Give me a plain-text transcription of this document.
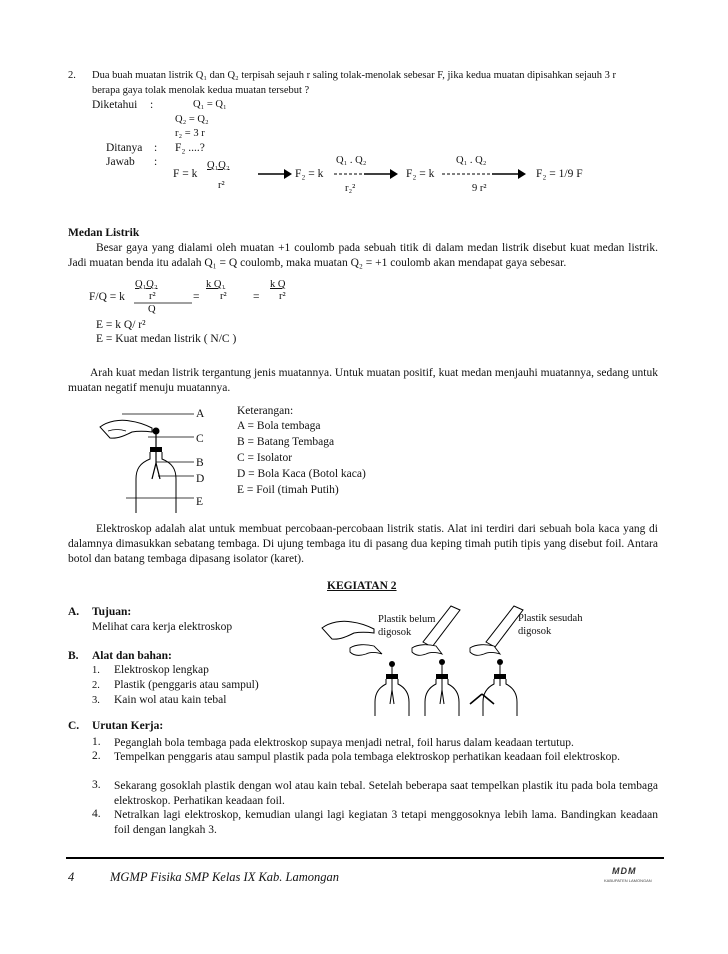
2. Dua buah muatan listrik Q₁ dan Q₂ terpisah sejauh r saling tolak-menolak sebesar F, jika kedua muatan dipisahkan sejauh 3 r
berapa gaya tolak menolak kedua muatan tersebut ?
Diketahui :	Q₁ = Q₁
Q₂ = Q₂
r₂ = 3 r
Ditanya : F₂ ....?
Jawab :	Q₁Q₂
F = k
r²
Q₁ . Q₂
F₂ = k
r₂²
Q₁ . Q₂
F₂ = k
9 r²
F₂ = 1/9 F
Medan Listrik
Besar gaya yang dialami oleh muatan +1 coulomb pada sebuah titik di dalam medan listrik disebut kuat medan listrik. Jadi muatan benda itu adalah Q₁ = Q coulomb, maka muatan Q₂ = +1 coulomb akan mendapat gaya sebesar.
Q₁Q₂
F/Q = k r²
Q
=
k Q₁
r² =
k Q
r²
E = k Q/ r²
E = Kuat medan listrik ( N/C )
Arah kuat medan listrik tergantung jenis muatannya. Untuk muatan positif, kuat medan menjauhi muatannya, sedang untuk muatan negatif menuju muatannya.
A
C
B
D
E
Keterangan:
A = Bola tembaga
B = Batang Tembaga
C = Isolator
D = Bola Kaca (Botol kaca)
E = Foil (timah Putih)
Elektroskop adalah alat untuk membuat percobaan-percobaan listrik statis. Alat ini terdiri dari sebuah bola kaca yang di dalamnya dimasukkan sebatang tembaga. Di ujung tembaga itu di pasang dua keping timah putih tipis yang disebut foil. Antara botol dan batang tembaga dipasang isolator (karet).
KEGIATAN 2
A. Tujuan:
Melihat cara kerja elektroskop
B. Alat dan bahan:
1. Elektroskop lengkap
2. Plastik (penggaris atau sampul)
3. Kain wol atau kain tebal
C. Urutan Kerja:
1. Peganglah bola tembaga pada elektroskop supaya menjadi netral, foil harus dalam keadaan tertutup.
2. Tempelkan penggaris atau sampul plastik pada pola tembaga elektroskop perhatikan keadaan foil elektroskop.
3. Sekarang gosoklah plastik dengan wol atau kain tebal. Setelah beberapa saat tempelkan plastik itu pada bola tembaga elektroskop. Perhatikan keadaan foil.
4. Netralkan lagi elektroskop, kemudian ulangi lagi kegiatan 3 tetapi menggosoknya lebih lama. Bandingkan keadaan foil dengan langkah 3.
Plastik belum
digosok
Plastik sesudah
digosok
4	MGMP Fisika SMP Kelas IX Kab. Lamongan	MDM
KABUPATEN LAMONGAN
